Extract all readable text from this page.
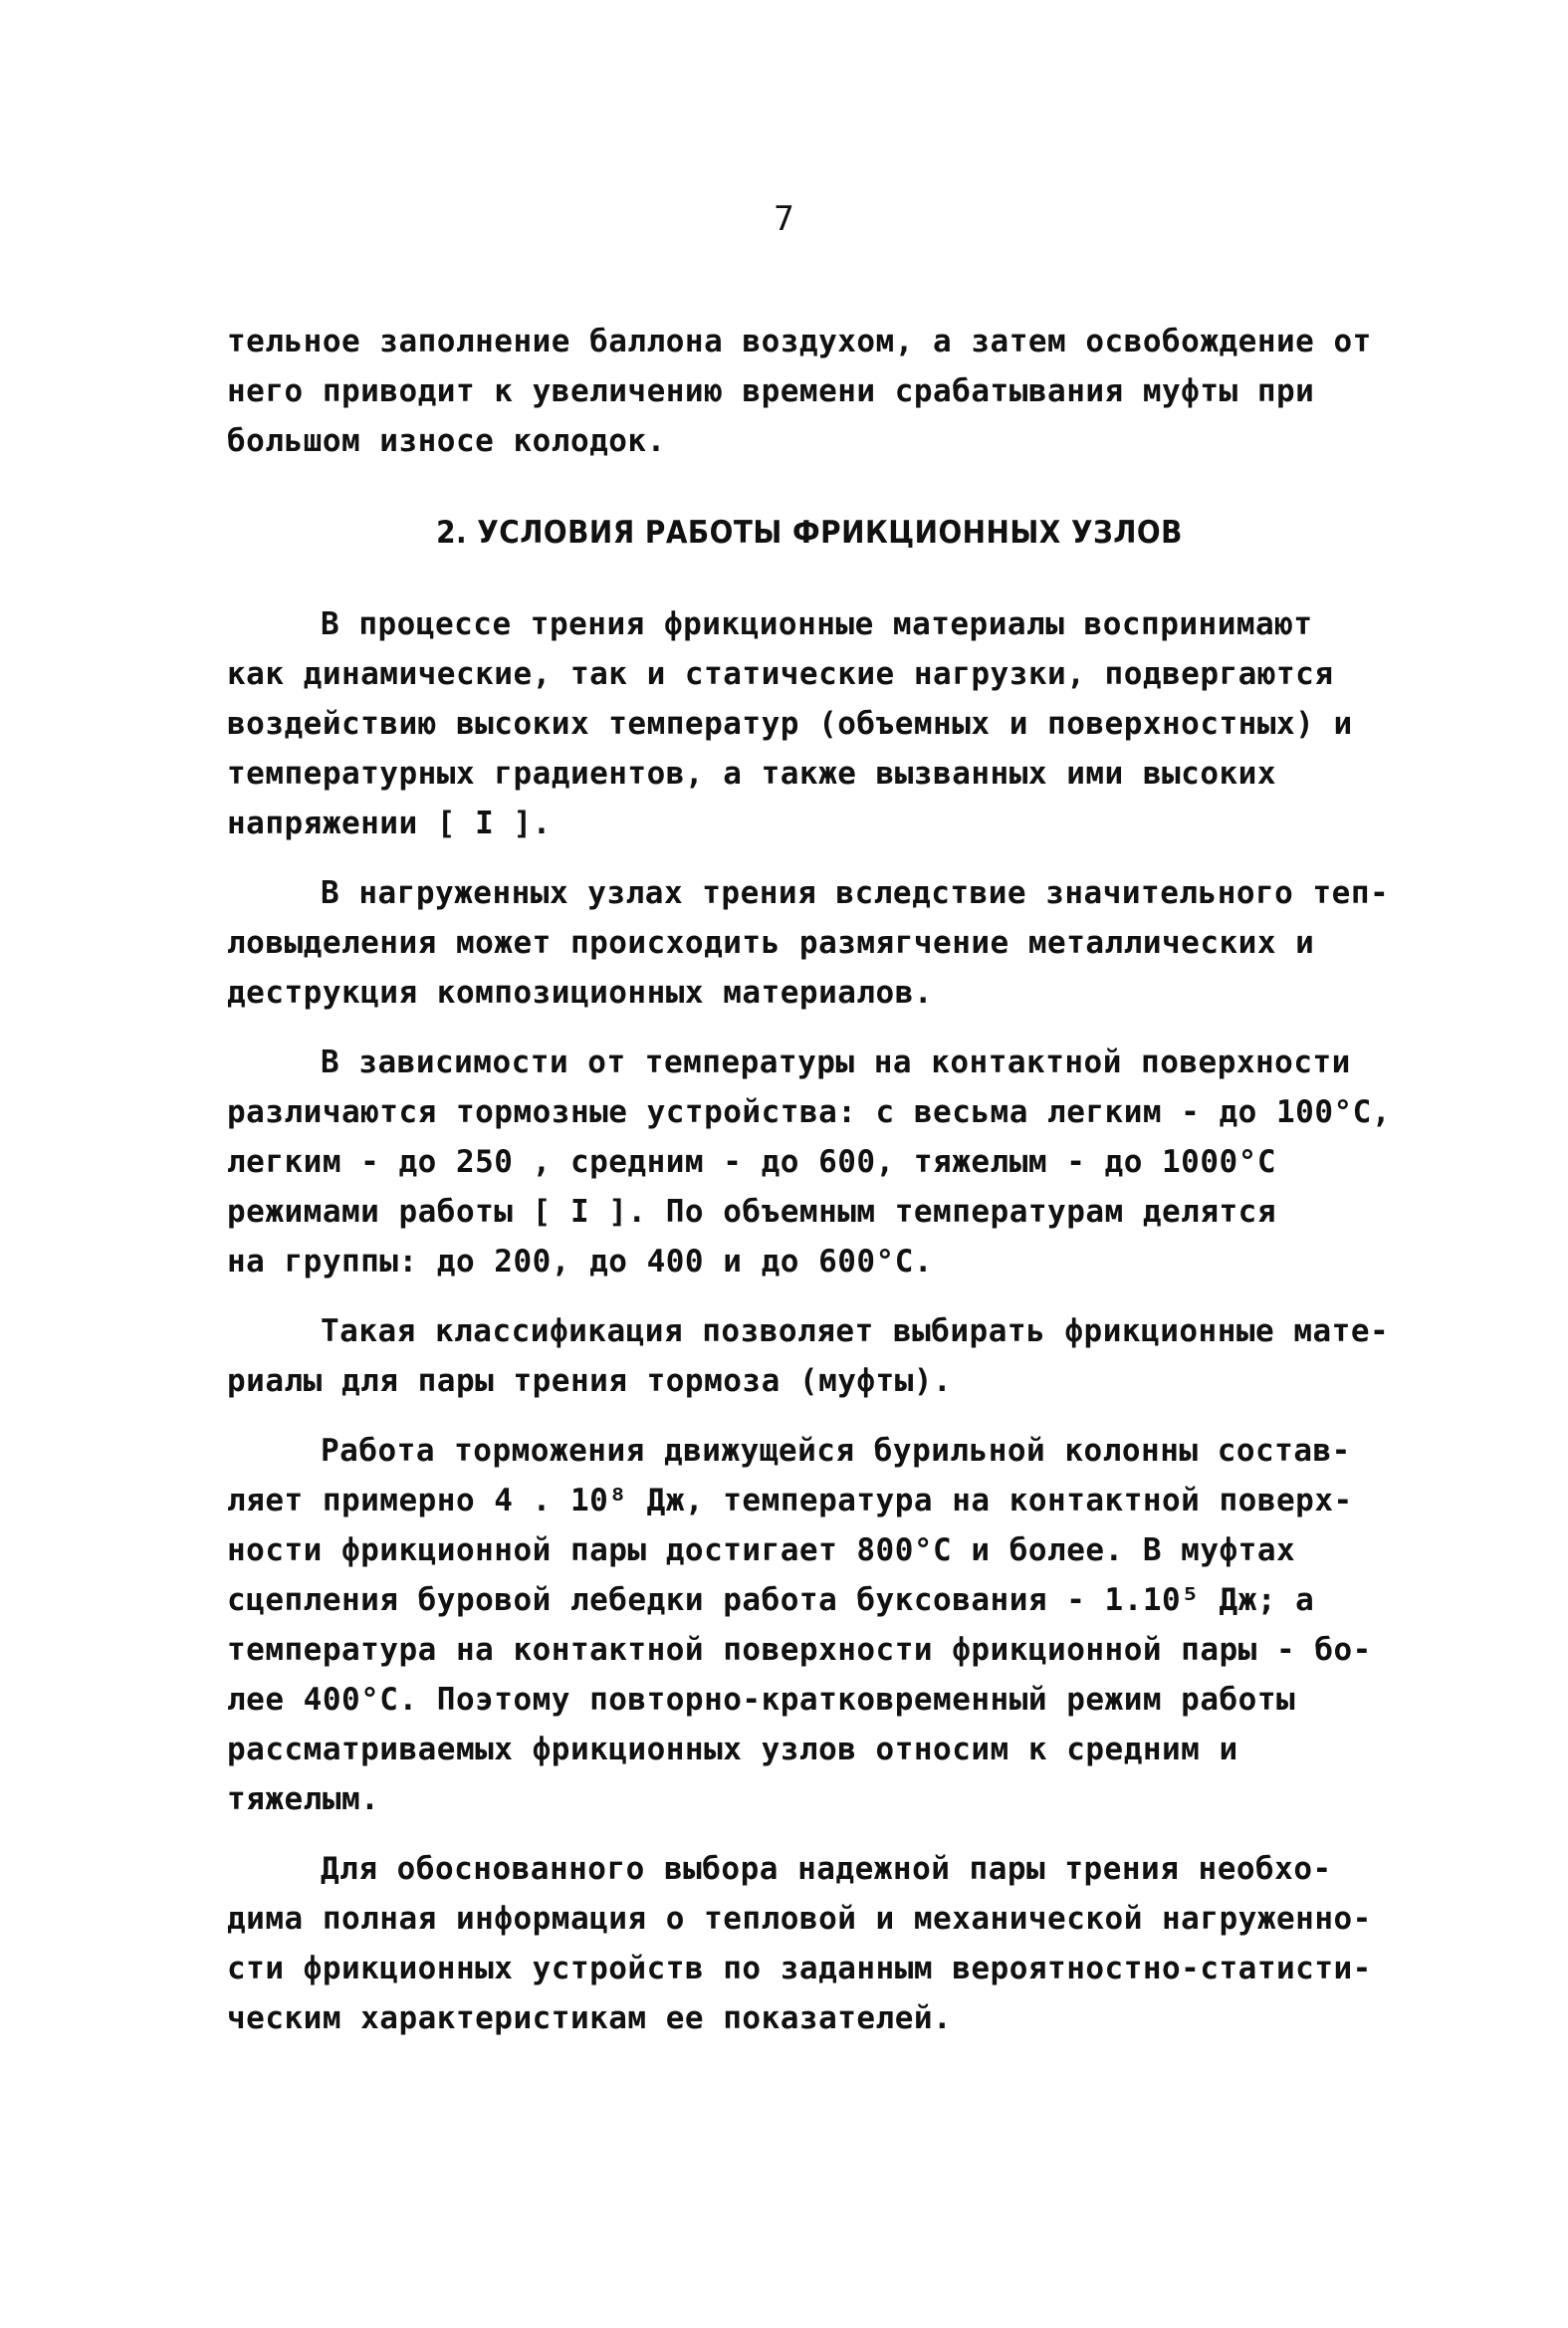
7

тельное заполнение баллона воздухом, а затем освобождение от
него приводит к увеличению времени срабатывания муфты при
большом износе колодок.

2. УСЛОВИЯ РАБОТЫ ФРИКЦИОННЫХ УЗЛОВ

В процессе трения фрикционные материалы воспринимают
как динамические, так и статические нагрузки, подвергаются
воздействию высоких температур (объемных и поверхностных) и
температурных градиентов, а также вызванных ими высоких
напряжении [ I ].

В нагруженных узлах трения вследствие значительного теп-
ловыделения может происходить размягчение металлических и
деструкция композиционных материалов.

В зависимости от температуры на контактной поверхности
различаются тормозные устройства: с весьма легким - до 100°С,
легким - до 250 , средним - до 600, тяжелым - до 1000°С
режимами работы [ I ]. По объемным температурам делятся
на группы: до 200, до 400 и до 600°С.

Такая классификация позволяет выбирать фрикционные мате-
риалы для пары трения тормоза (муфты).

Работа торможения движущейся бурильной колонны состав-
ляет примерно 4 . 10⁸ Дж, температура на контактной поверх-
ности фрикционной пары достигает 800°С и более. В муфтах
сцепления буровой лебедки работа буксования - 1.10⁵ Дж; а
температура на контактной поверхности фрикционной пары - бо-
лее 400°С. Поэтому повторно-кратковременный режим работы
рассматриваемых фрикционных узлов относим к средним и тяжелым.

Для обоснованного выбора надежной пары трения необхо-
дима полная информация о тепловой и механической нагруженно-
сти фрикционных устройств по заданным вероятностно-статисти-
ческим характеристикам ее показателей.
